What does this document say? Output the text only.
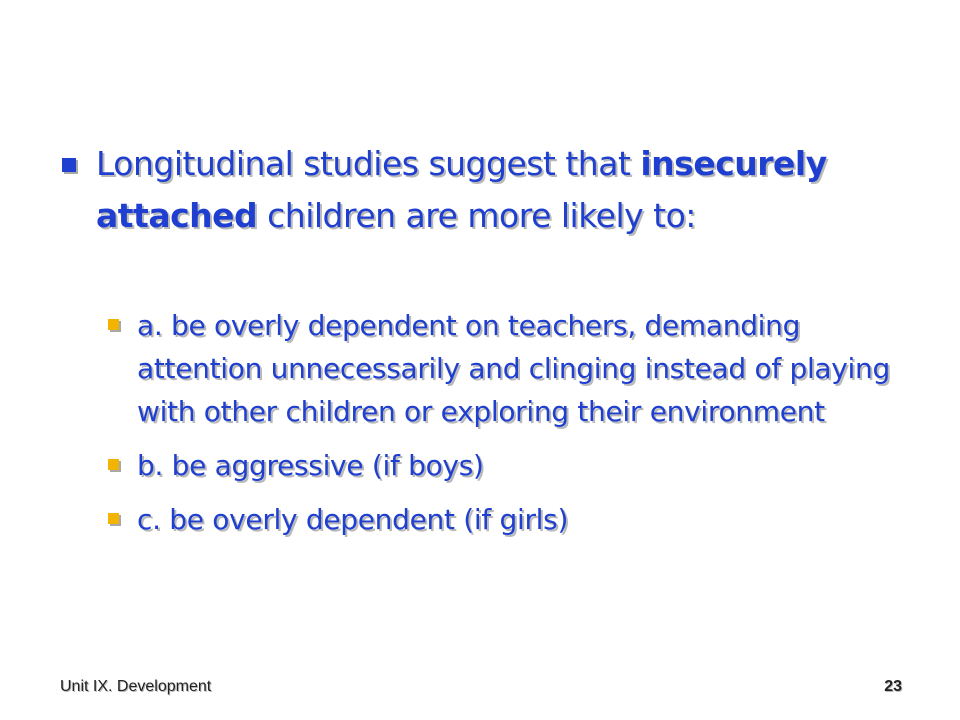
Longitudinal studies suggest that insecurely attached children are more likely to:
a. be overly dependent on teachers, demanding attention unnecessarily and clinging instead of playing with other children or exploring their environment
b. be aggressive (if boys)
c. be overly dependent (if girls)
Unit IX. Development	23
